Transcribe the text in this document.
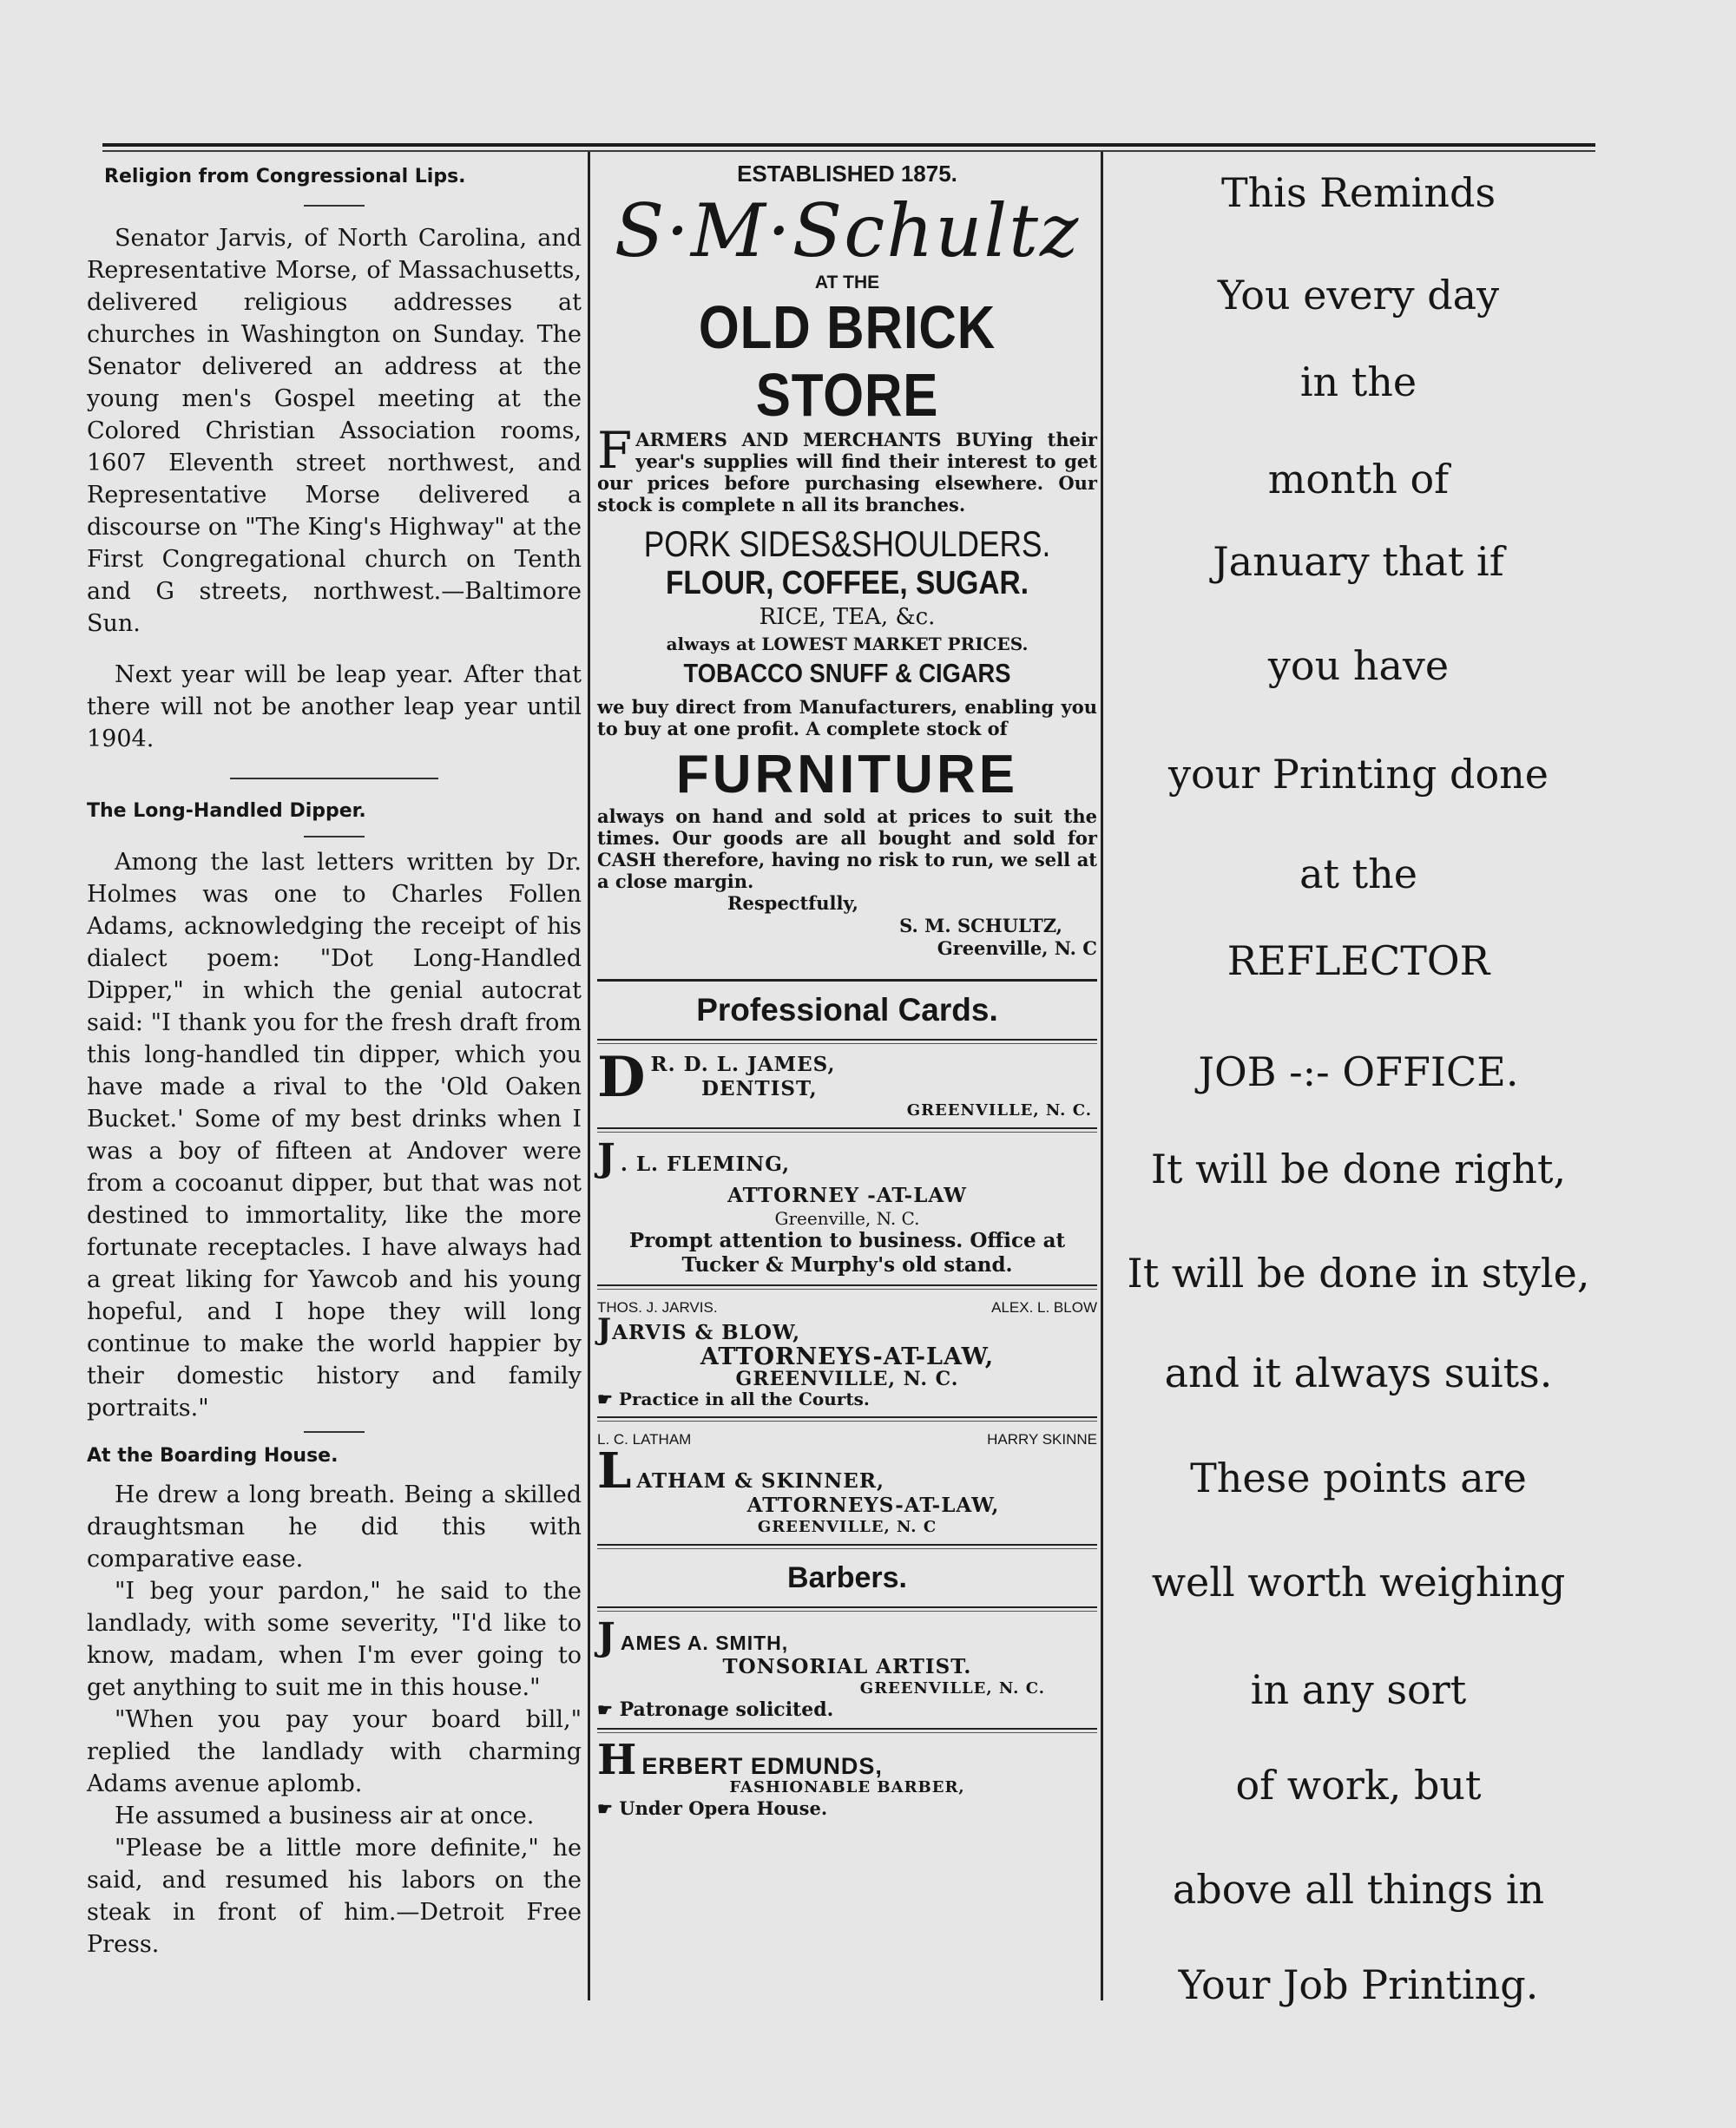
Religion from Congressional Lips.

Senator Jarvis, of North Carolina, and Representative Morse, of Massachusetts, delivered religious addresses at churches in Washington on Sunday. The Senator delivered an address at the young men's Gospel meeting at the Colored Christian Association rooms, 1607 Eleventh street northwest, and Representative Morse delivered a discourse on "The King's Highway" at the First Congregational church on Tenth and G streets, northwest.—Baltimore Sun.

Next year will be leap year. After that there will not be another leap year until 1904.

The Long-Handled Dipper.

Among the last letters written by Dr. Holmes was one to Charles Follen Adams, acknowledging the receipt of his dialect poem: "Dot Long-Handled Dipper," in which the genial autocrat said: "I thank you for the fresh draft from this long-handled tin dipper, which you have made a rival to the 'Old Oaken Bucket.' Some of my best drinks when I was a boy of fifteen at Andover were from a cocoanut dipper, but that was not destined to immortality, like the more fortunate receptacles. I have always had a great liking for Yawcob and his young hopeful, and I hope they will long continue to make the world happier by their domestic history and family portraits."

At the Boarding House.

He drew a long breath. Being a skilled draughtsman he did this with comparative ease.

"I beg your pardon," he said to the landlady, with some severity, "I'd like to know, madam, when I'm ever going to get anything to suit me in this house."

"When you pay your board bill," replied the landlady with charming Adams avenue aplomb.

He assumed a business air at once.

"Please be a little more definite," he said, and resumed his labors on the steak in front of him.—Detroit Free Press.

ESTABLISHED 1875.
S·M·Schultz
AT THE
OLD BRICK STORE

FARMERS AND MERCHANTS BUYing their year's supplies will find their interest to get our prices before purchasing elsewhere. Our stock is complete n all its branches.

PORK SIDES&SHOULDERS.
FLOUR, COFFEE, SUGAR.
RICE, TEA, &c.
always at LOWEST MARKET PRICES.
TOBACCO SNUFF & CIGARS

we buy direct from Manufacturers, enabling you to buy at one profit. A complete stock of

FURNITURE

always on hand and sold at prices to suit the times. Our goods are all bought and sold for CASH therefore, having no risk to run, we sell at a close margin.

Respectfully,
S. M. SCHULTZ,
Greenville, N. C
Professional Cards.
D R. D. L. JAMES,
DENTIST,
GREENVILLE, N. C.
J . L. FLEMING,
ATTORNEY -AT-LAW
Greenville, N. C.
Prompt attention to business. Office at Tucker & Murphy's old stand.
THOS. J. JARVIS.	ALEX. L. BLOW
JARVIS & BLOW,
ATTORNEYS-AT-LAW,
GREENVILLE, N. C.
☛ Practice in all the Courts.
L. C. LATHAM	HARRY SKINNE
LATHAM & SKINNER,
ATTORNEYS-AT-LAW,
GREENVILLE, N. C
Barbers.
JAMES A. SMITH,
TONSORIAL ARTIST.
GREENVILLE, N. C.
☛ Patronage solicited.
HERBERT EDMUNDS,
FASHIONABLE BARBER,
☛ Under Opera House.
This Reminds
You every day
in the
month of
January that if
you have
your Printing done
at the
REFLECTOR
JOB -:- OFFICE.
It will be done right,
It will be done in style,
and it always suits.
These points are
well worth weighing
in any sort
of work, but
above all things in
Your Job Printing.
